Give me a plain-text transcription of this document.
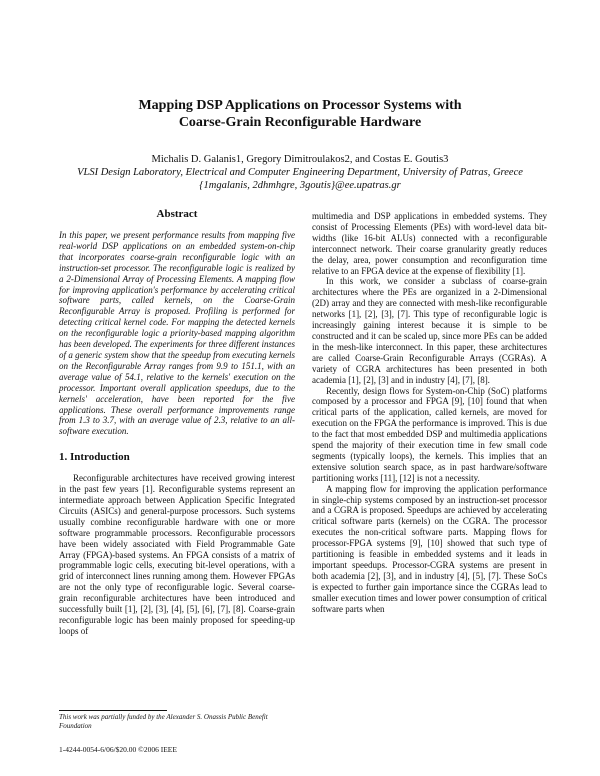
Mapping DSP Applications on Processor Systems with
Coarse-Grain Reconfigurable Hardware
Michalis D. Galanis1, Gregory Dimitroulakos2, and Costas E. Goutis3
VLSI Design Laboratory, Electrical and Computer Engineering Department, University of Patras, Greece
{1mgalanis, 2dhmhgre, 3goutis}@ee.upatras.gr
Abstract

In this paper, we present performance results from mapping five real-world DSP applications on an embedded system-on-chip that incorporates coarse-grain reconfigurable logic with an instruction-set processor. The reconfigurable logic is realized by a 2-Dimensional Array of Processing Elements. A mapping flow for improving application's performance by accelerating critical software parts, called kernels, on the Coarse-Grain Reconfigurable Array is proposed. Profiling is performed for detecting critical kernel code. For mapping the detected kernels on the reconfigurable logic a priority-based mapping algorithm has been developed. The experiments for three different instances of a generic system show that the speedup from executing kernels on the Reconfigurable Array ranges from 9.9 to 151.1, with an average value of 54.1, relative to the kernels' execution on the processor. Important overall application speedups, due to the kernels' acceleration, have been reported for the five applications. These overall performance improvements range from 1.3 to 3.7, with an average value of 2.3, relative to an all-software execution.

1. Introduction

Reconfigurable architectures have received growing interest in the past few years [1]. Reconfigurable systems represent an intermediate approach between Application Specific Integrated Circuits (ASICs) and general-purpose processors. Such systems usually combine reconfigurable hardware with one or more software programmable processors. Reconfigurable processors have been widely associated with Field Programmable Gate Array (FPGA)-based systems. An FPGA consists of a matrix of programmable logic cells, executing bit-level operations, with a grid of interconnect lines running among them. However FPGAs are not the only type of reconfigurable logic. Several coarse-grain reconfigurable architectures have been introduced and successfully built [1], [2], [3], [4], [5], [6], [7], [8]. Coarse-grain reconfigurable logic has been mainly proposed for speeding-up loops of

multimedia and DSP applications in embedded systems. They consist of Processing Elements (PEs) with word-level data bit-widths (like 16-bit ALUs) connected with a reconfigurable interconnect network. Their coarse granularity greatly reduces the delay, area, power consumption and reconfiguration time relative to an FPGA device at the expense of flexibility [1].

In this work, we consider a subclass of coarse-grain architectures where the PEs are organized in a 2-Dimensional (2D) array and they are connected with mesh-like reconfigurable networks [1], [2], [3], [7]. This type of reconfigurable logic is increasingly gaining interest because it is simple to be constructed and it can be scaled up, since more PEs can be added in the mesh-like interconnect. In this paper, these architectures are called Coarse-Grain Reconfigurable Arrays (CGRAs). A variety of CGRA architectures has been presented in both academia [1], [2], [3] and in industry [4], [7], [8].

Recently, design flows for System-on-Chip (SoC) platforms composed by a processor and FPGA [9], [10] found that when critical parts of the application, called kernels, are moved for execution on the FPGA the performance is improved. This is due to the fact that most embedded DSP and multimedia applications spend the majority of their execution time in few small code segments (typically loops), the kernels. This implies that an extensive solution search space, as in past hardware/software partitioning works [11], [12] is not a necessity.

A mapping flow for improving the application performance in single-chip systems composed by an instruction-set processor and a CGRA is proposed. Speedups are achieved by accelerating critical software parts (kernels) on the CGRA. The processor executes the non-critical software parts. Mapping flows for processor-FPGA systems [9], [10] showed that such type of partitioning is feasible in embedded systems and it leads in important speedups. Processor-CGRA systems are present in both academia [2], [3], and in industry [4], [5], [7]. These SoCs is expected to further gain importance since the CGRAs lead to smaller execution times and lower power consumption of critical software parts when

This work was partially funded by the Alexander S. Onassis Public Benefit Foundation
1-4244-0054-6/06/$20.00 ©2006 IEEE
